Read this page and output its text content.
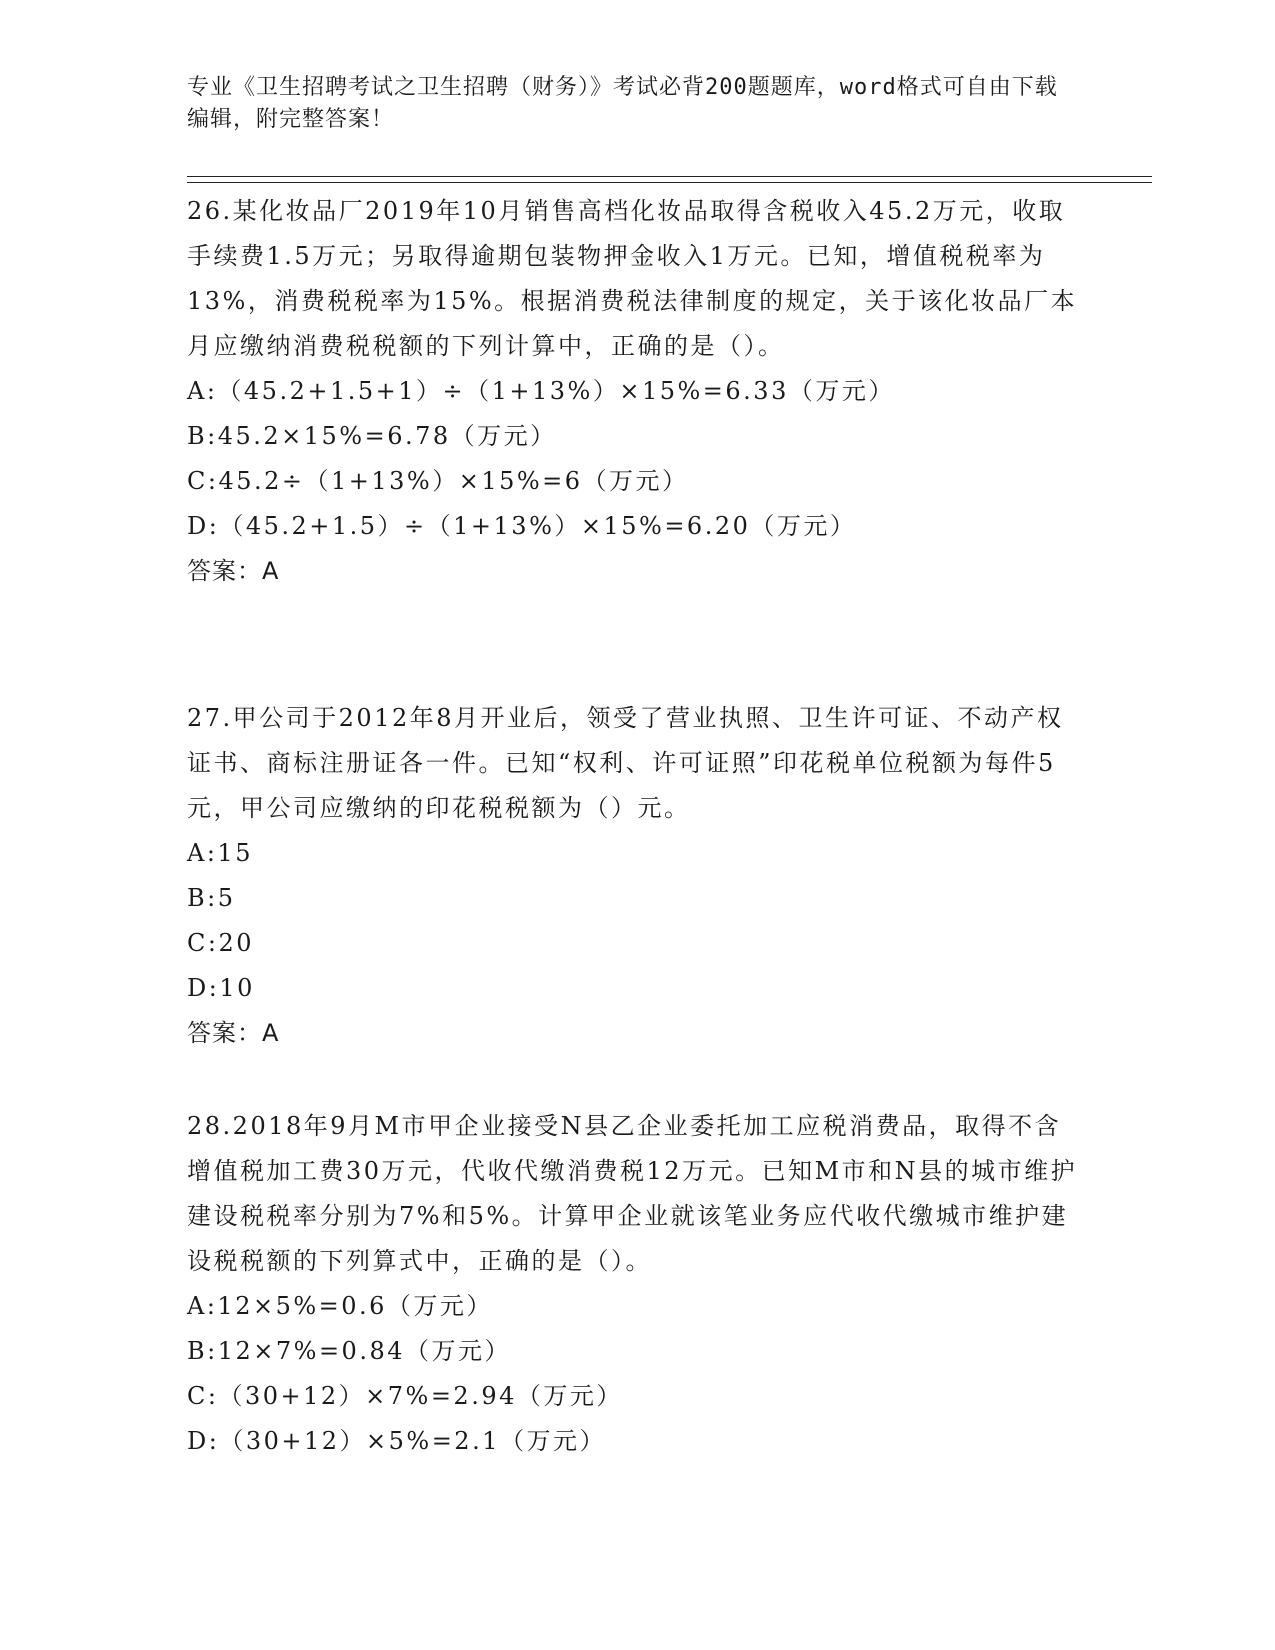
专业《卫生招聘考试之卫生招聘（财务）》考试必背200题题库，word格式可自由下载编辑，附完整答案！
26.某化妆品厂2019年10月销售高档化妆品取得含税收入45.2万元，收取手续费1.5万元；另取得逾期包装物押金收入1万元。已知，增值税税率为13%，消费税税率为15%。根据消费税法律制度的规定，关于该化妆品厂本月应缴纳消费税税额的下列计算中，正确的是（）。
A:（45.2+1.5+1）÷（1+13%）×15%=6.33（万元）
B:45.2×15%=6.78（万元）
C:45.2÷（1+13%）×15%=6（万元）
D:（45.2+1.5）÷（1+13%）×15%=6.20（万元）
答案：A
27.甲公司于2012年8月开业后，领受了营业执照、卫生许可证、不动产权证书、商标注册证各一件。已知“权利、许可证照”印花税单位税额为每件5元，甲公司应缴纳的印花税税额为（）元。
A:15
B:5
C:20
D:10
答案：A
28.2018年9月M市甲企业接受N县乙企业委托加工应税消费品，取得不含增值税加工费30万元，代收代缴消费税12万元。已知M市和N县的城市维护建设税税率分别为7%和5%。计算甲企业就该笔业务应代收代缴城市维护建设税税额的下列算式中，正确的是（）。
A:12×5%=0.6（万元）
B:12×7%=0.84（万元）
C:（30+12）×7%=2.94（万元）
D:（30+12）×5%=2.1（万元）
